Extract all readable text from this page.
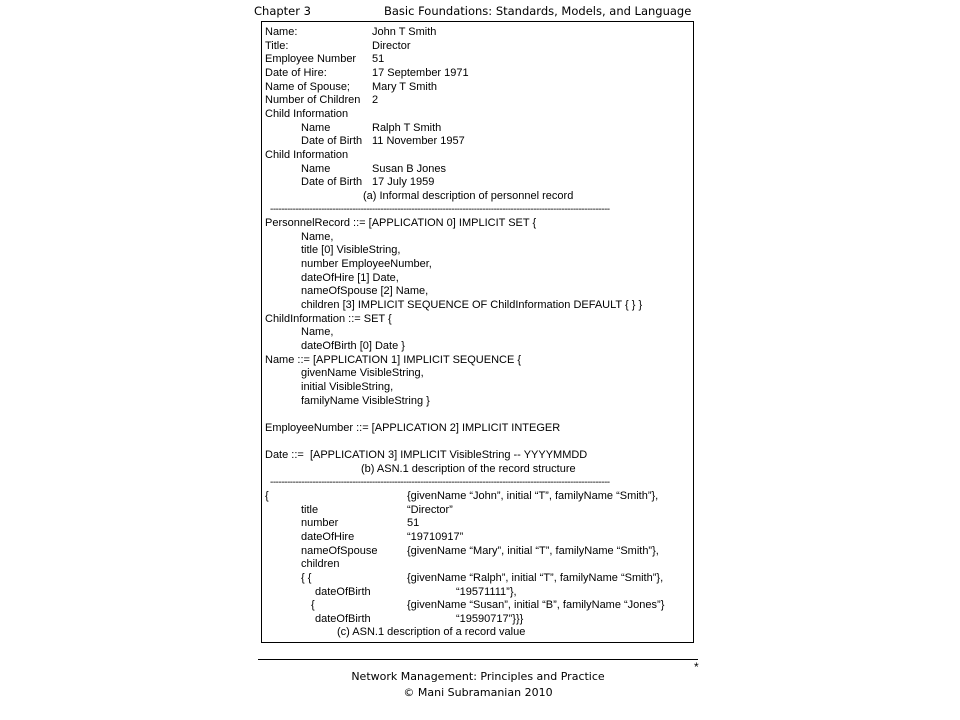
Chapter 3	Basic Foundations: Standards, Models, and Language
Name:	John T Smith
Title:	Director
Employee Number 51
Date of Hire:	17 September 1971
Name of Spouse; Mary T Smith
Number of Children 2
Child Information
Name	Ralph T Smith
Date of Birth 11 November 1957
Child Information
Name	Susan B Jones
Date of Birth 17 July 1959
(a) Informal description of personnel record
------------------------------------------------------------------------------------------------------------------------
PersonnelRecord ::= [APPLICATION 0] IMPLICIT SET {
Name,
title [0] VisibleString,
number EmployeeNumber,
dateOfHire [1] Date,
nameOfSpouse [2] Name,
children [3] IMPLICIT SEQUENCE OF ChildInformation DEFAULT { } }
ChildInformation ::= SET {
Name,
dateOfBirth [0] Date }
Name ::= [APPLICATION 1] IMPLICIT SEQUENCE {
givenName VisibleString,
initial VisibleString,
familyName VisibleString }
EmployeeNumber ::= [APPLICATION 2] IMPLICIT INTEGER
Date ::=  [APPLICATION 3] IMPLICIT VisibleString -- YYYYMMDD
(b) ASN.1 description of the record structure
------------------------------------------------------------------------------------------------------------------------
{	{givenName “John”, initial “T”, familyName “Smith”},
title	“Director”
number	51
dateOfHire	“19710917”
nameOfSpouse	{givenName “Mary”, initial “T”, familyName “Smith”},
children
{ {	{givenName “Ralph”, initial “T”, familyName “Smith”},
dateOfBirth	“19571111”},
{	{givenName “Susan”, initial “B”, familyName “Jones”}
dateOfBirth	“19590717”}}}
(c) ASN.1 description of a record value
*
Network Management: Principles and Practice
© Mani Subramanian 2010
